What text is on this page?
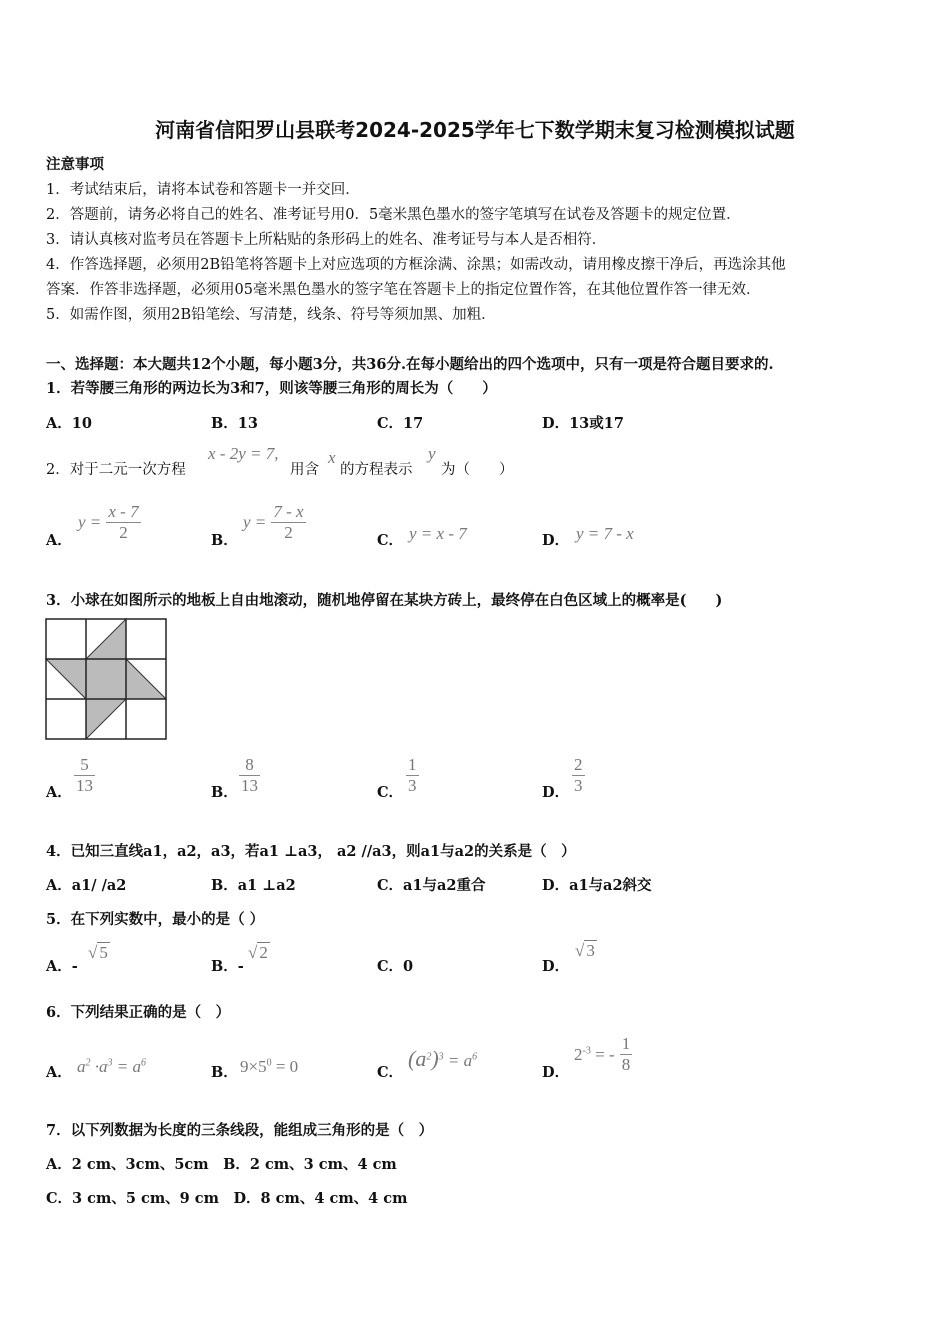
河南省信阳罗山县联考2024-2025学年七下数学期末复习检测模拟试题
注意事项
1．考试结束后，请将本试卷和答题卡一并交回．
2．答题前，请务必将自己的姓名、准考证号用0．5毫米黑色墨水的签字笔填写在试卷及答题卡的规定位置．
3．请认真核对监考员在答题卡上所粘贴的条形码上的姓名、准考证号与本人是否相符．
4．作答选择题，必须用2B铅笔将答题卡上对应选项的方框涂满、涂黑；如需改动，请用橡皮擦干净后，再选涂其他
答案．作答非选择题，必须用05毫米黑色墨水的签字笔在答题卡上的指定位置作答，在其他位置作答一律无效．
5．如需作图，须用2B铅笔绘、写清楚，线条、符号等须加黑、加粗．
一、选择题：本大题共12个小题，每小题3分，共36分.在每小题给出的四个选项中，只有一项是符合题目要求的.
1．若等腰三角形的两边长为3和7，则该等腰三角形的周长为（　　）
A．10	B．13	C．17	D．13或17
2．对于二元一次方程
x - 2y = 7,
用含
x
的方程表示
y
为（　　）
A．
$y = \frac{x - 7}{2}$	B．
$y = \frac{7 - x}{2}$	C． y = x - 7	D． y = 7 - x
3．小球在如图所示的地板上自由地滚动，随机地停留在某块方砖上，最终停在白色区域上的概率是(　　)
A． $\frac{5}{13}$	B． $\frac{8}{13}$	C． $\frac{1}{3}$	D． $\frac{2}{3}$
4．已知三直线a1，a2，a3，若a1 ⊥a3， a2 //a3，则a1与a2的关系是（　）
A．a1/ /a2	B．a1 ⊥a2	C．a1与a2重合	D．a1与a2斜交
5．在下列实数中，最小的是（ ）
A．-
√ 5
B．-
√ 2
C．0	D．
√ 3
6．下列结果正确的是（　）
A． $a^2 \cdot a^3 = a^6$
B． $9\times 5^0 = 0$	C．
$(a^2)^3 = a^6$
D．
$2^{-3}$ = - $\frac{1}{8}$
7．以下列数据为长度的三条线段，能组成三角形的是（　）
A．2 cm、3cm、5cm　B．2 cm、3 cm、4 cm
C．3 cm、5 cm、9 cm　D．8 cm、4 cm、4 cm
